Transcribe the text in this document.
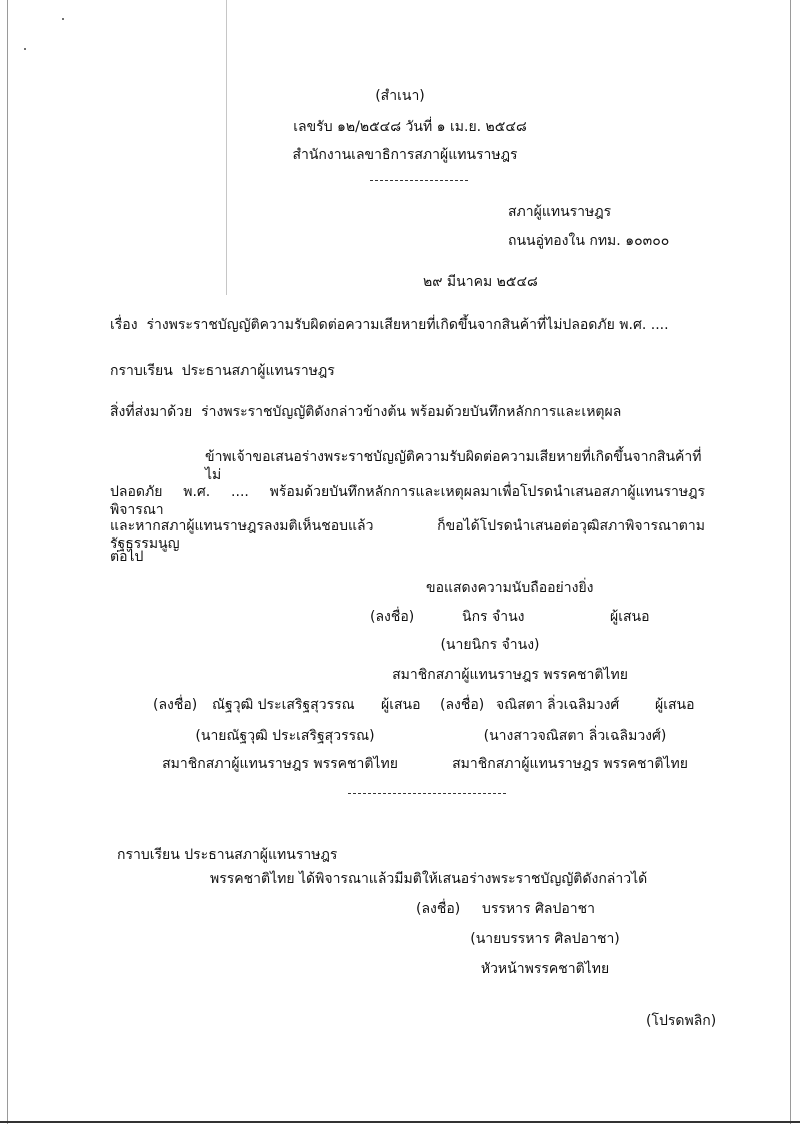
(สำเนา)
เลขรับ ๑๒/๒๕๔๘ วันที่ ๑ เม.ย. ๒๕๔๘
สำนักงานเลขาธิการสภาผู้แทนราษฎร
สภาผู้แทนราษฎร
ถนนอู่ทองใน กทม. ๑๐๓๐๐
๒๙ มีนาคม ๒๕๔๘
เรื่อง ร่างพระราชบัญญัติความรับผิดต่อความเสียหายที่เกิดขึ้นจากสินค้าที่ไม่ปลอดภัย พ.ศ. ....
กราบเรียน ประธานสภาผู้แทนราษฎร
สิ่งที่ส่งมาด้วย ร่างพระราชบัญญัติดังกล่าวข้างต้น พร้อมด้วยบันทึกหลักการและเหตุผล
ข้าพเจ้าขอเสนอร่างพระราชบัญญัติความรับผิดต่อความเสียหายที่เกิดขึ้นจากสินค้าที่ไม่
ปลอดภัย พ.ศ. .... พร้อมด้วยบันทึกหลักการและเหตุผลมาเพื่อโปรดนำเสนอสภาผู้แทนราษฎรพิจารณา
และหากสภาผู้แทนราษฎรลงมติเห็นชอบแล้ว ก็ขอได้โปรดนำเสนอต่อวุฒิสภาพิจารณาตามรัฐธรรมนูญ
ต่อไป
ขอแสดงความนับถืออย่างยิ่ง
(ลงชื่อ)	นิกร จำนง	ผู้เสนอ
(นายนิกร จำนง)
สมาชิกสภาผู้แทนราษฎร พรรคชาติไทย
(ลงชื่อ) ณัฐวุฒิ ประเสริฐสุวรรณ ผู้เสนอ
(นายณัฐวุฒิ ประเสริฐสุวรรณ)
สมาชิกสภาผู้แทนราษฎร พรรคชาติไทย
(ลงชื่อ) จณิสตา ลิ่วเฉลิมวงศ์	ผู้เสนอ
(นางสาวจณิสตา ลิ่วเฉลิมวงศ์)
สมาชิกสภาผู้แทนราษฎร พรรคชาติไทย
กราบเรียน ประธานสภาผู้แทนราษฎร
พรรคชาติไทย ได้พิจารณาแล้วมีมติให้เสนอร่างพระราชบัญญัติดังกล่าวได้
(ลงชื่อ) บรรหาร ศิลปอาชา
(นายบรรหาร ศิลปอาชา)
หัวหน้าพรรคชาติไทย
(โปรดพลิก)
